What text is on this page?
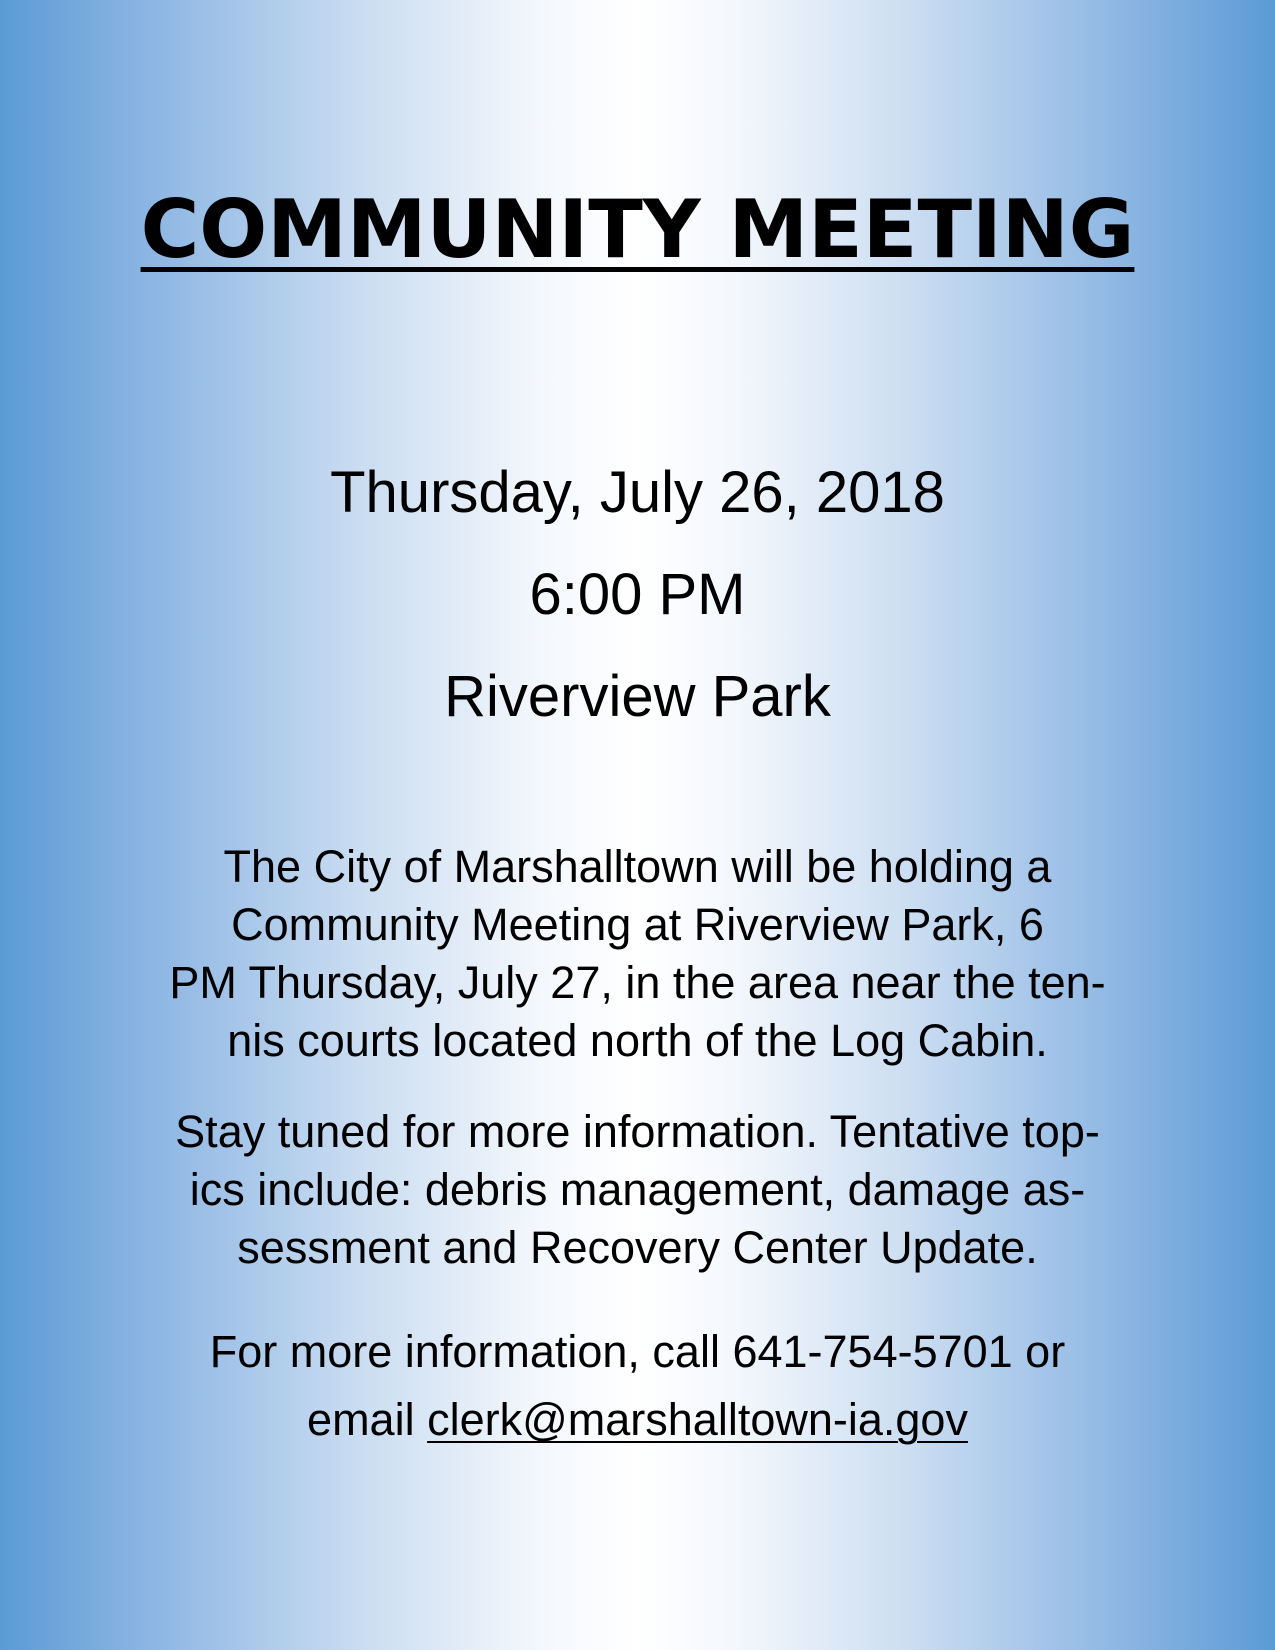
COMMUNITY MEETING

Thursday, July 26, 2018

6:00 PM

Riverview Park

The City of Marshalltown will be holding a
Community Meeting at Riverview Park, 6
PM Thursday, July 27, in the area near the ten-
nis courts located north of the Log Cabin.

Stay tuned for more information. Tentative top-
ics include: debris management, damage as-
sessment and Recovery Center Update.

For more information, call 641-754-5701 or
email clerk@marshalltown-ia.gov
